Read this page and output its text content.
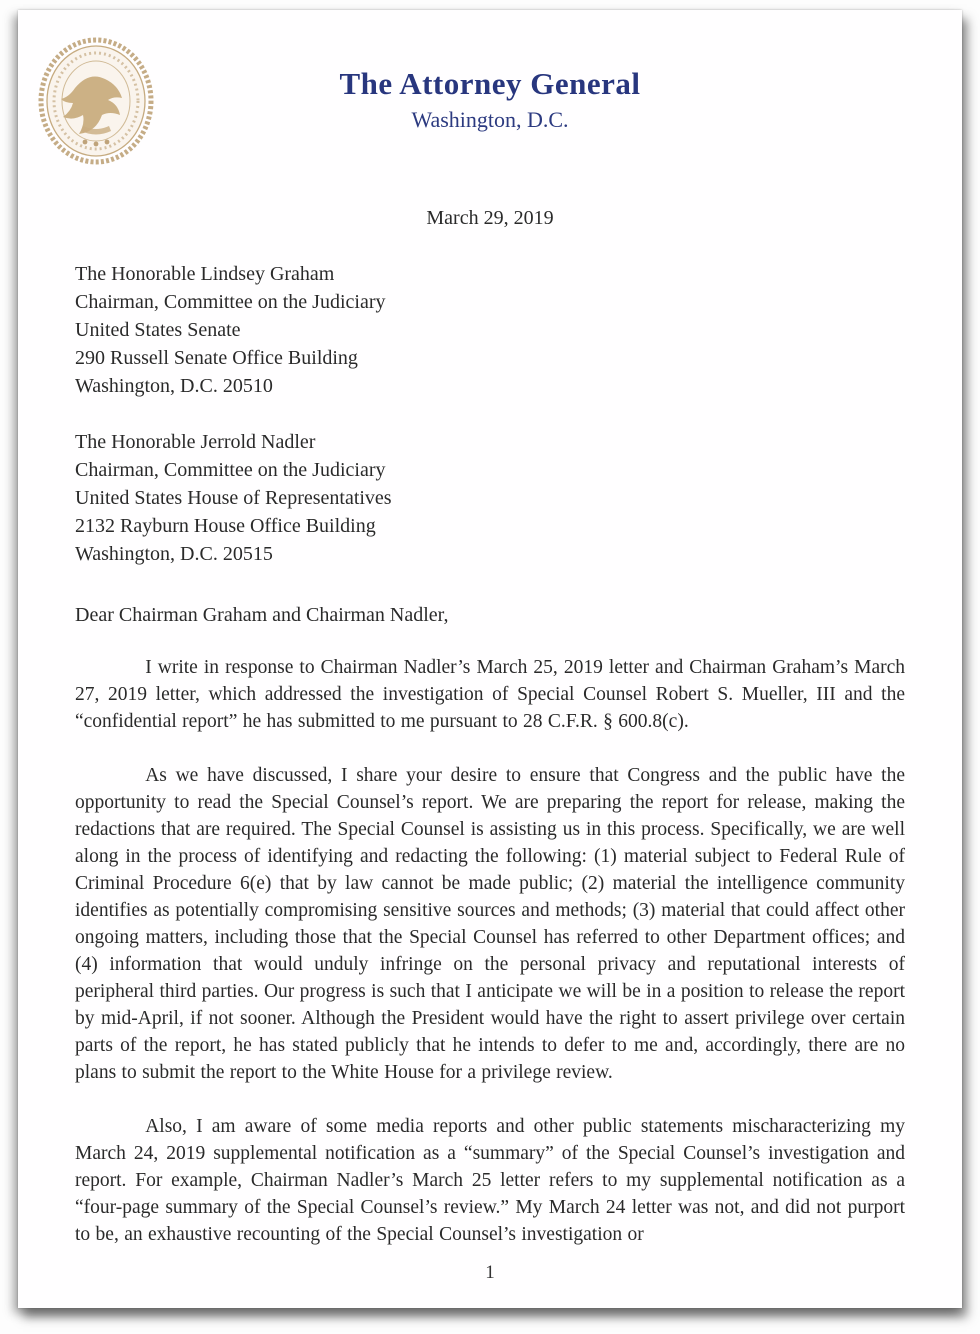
The Attorney General
Washington, D.C.
March 29, 2019
The Honorable Lindsey Graham
Chairman, Committee on the Judiciary
United States Senate
290 Russell Senate Office Building
Washington, D.C. 20510
The Honorable Jerrold Nadler
Chairman, Committee on the Judiciary
United States House of Representatives
2132 Rayburn House Office Building
Washington, D.C. 20515
Dear Chairman Graham and Chairman Nadler,

I write in response to Chairman Nadler’s March 25, 2019 letter and Chairman Graham’s March 27, 2019 letter, which addressed the investigation of Special Counsel Robert S. Mueller, III and the “confidential report” he has submitted to me pursuant to 28 C.F.R. § 600.8(c).

As we have discussed, I share your desire to ensure that Congress and the public have the opportunity to read the Special Counsel’s report. We are preparing the report for release, making the redactions that are required. The Special Counsel is assisting us in this process. Specifically, we are well along in the process of identifying and redacting the following: (1) material subject to Federal Rule of Criminal Procedure 6(e) that by law cannot be made public; (2) material the intelligence community identifies as potentially compromising sensitive sources and methods; (3) material that could affect other ongoing matters, including those that the Special Counsel has referred to other Department offices; and (4) information that would unduly infringe on the personal privacy and reputational interests of peripheral third parties. Our progress is such that I anticipate we will be in a position to release the report by mid-April, if not sooner. Although the President would have the right to assert privilege over certain parts of the report, he has stated publicly that he intends to defer to me and, accordingly, there are no plans to submit the report to the White House for a privilege review.

Also, I am aware of some media reports and other public statements mischaracterizing my March 24, 2019 supplemental notification as a “summary” of the Special Counsel’s investigation and report. For example, Chairman Nadler’s March 25 letter refers to my supplemental notification as a “four-page summary of the Special Counsel’s review.” My March 24 letter was not, and did not purport to be, an exhaustive recounting of the Special Counsel’s investigation or

1
